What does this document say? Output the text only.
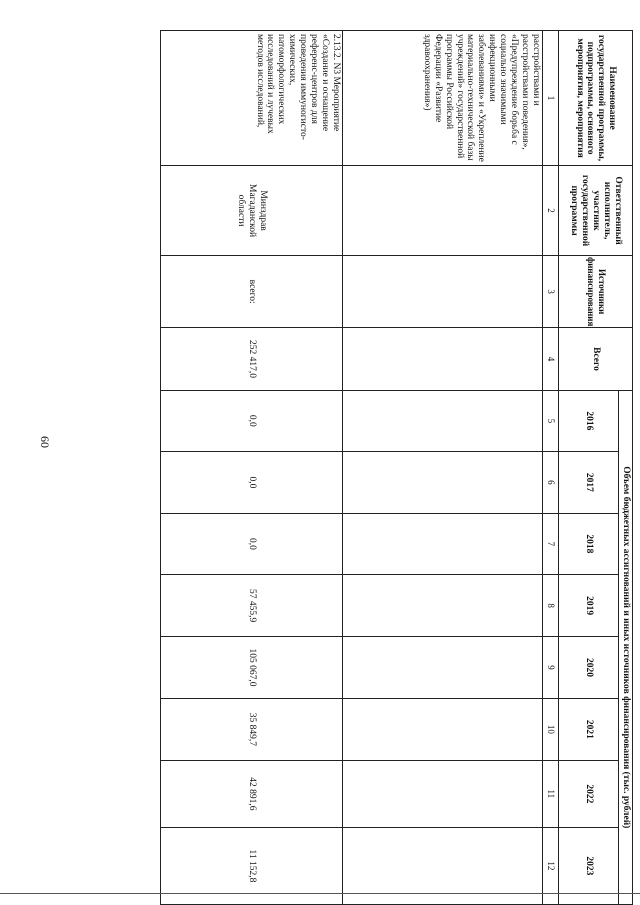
Наименование государственной программы, подпрограммы, основного мероприятия, мероприятия	Ответственный исполнитель, участник государственной программы	Источники финансирования	Всего	Объем бюджетных ассигнований и иных источников финансирования (тыс. рублей)							
				2016	2017	2018	2019	2020	2021	2022	2023
1	2	3	4	5	6	7	8	9	10	11	12
расстройствами и расстройствами поведения», «Предупреждение борьба с социально значимыми инфекционными заболеваниями» и «Укрепление материально-технической базы учреждений» государственной программы Российской Федерации «Развитие здравоохранения»)											
2.13.2. N3 Мероприятие «Создание и оснащение референс-центров для проведения иммуногисто-химических, патоморфологических исследований и лучевых методов исследований,	Минздрав Магаданской области	всего:	252 417,0	0,0	0,0	0,0	57 455,9	105 067,0	35 849,7	42 891,6	11 152,8
60
